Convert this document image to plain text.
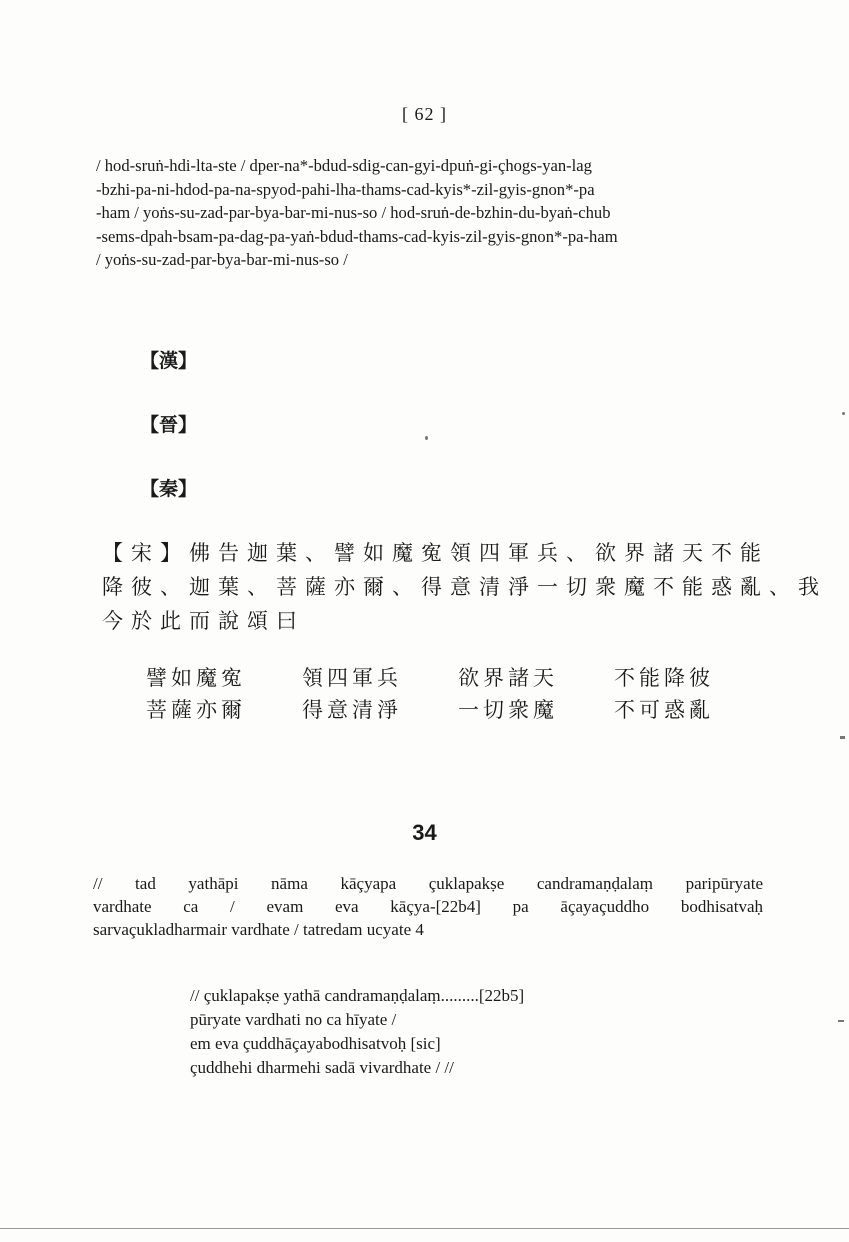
[ 62 ]
/ hod-sruṅ-hdi-lta-ste / dper-na*-bdud-sdig-can-gyi-dpuṅ-gi-çhogs-yan-lag
-bzhi-pa-ni-hdod-pa-na-spyod-pahi-lha-thams-cad-kyis*-zil-gyis-gnon*-pa
-ham / yoṅs-su-zad-par-bya-bar-mi-nus-so / hod-sruṅ-de-bzhin-du-byaṅ-chub
-sems-dpah-bsam-pa-dag-pa-yaṅ-bdud-thams-cad-kyis-zil-gyis-gnon*-pa-ham
/ yoṅs-su-zad-par-bya-bar-mi-nus-so /
【漢】
【晉】
【秦】
【宋】佛告迦葉、譬如魔寃領四軍兵、欲界諸天不能
降彼、迦葉、菩薩亦爾、得意清淨一切衆魔不能惑亂、我
今於此而說頌曰
譬如魔寃	領四軍兵	欲界諸天	不能降彼
菩薩亦爾	得意清淨	一切衆魔	不可惑亂
34
// tad yathāpi nāma kāçyapa çuklapakṣe candramaṇḍalaṃ paripūryate
vardhate ca / evam eva kāçya-[22b4] pa āçayaçuddho bodhisatvaḥ
sarvaçukladharmair vardhate / tatredam ucyate 4
// çuklapakṣe yathā candramaṇḍalaṃ.........[22b5]
pūryate vardhati no ca hīyate /
em eva çuddhāçayabodhisatvoḥ [sic]
çuddhehi dharmehi sadā vivardhate / //
